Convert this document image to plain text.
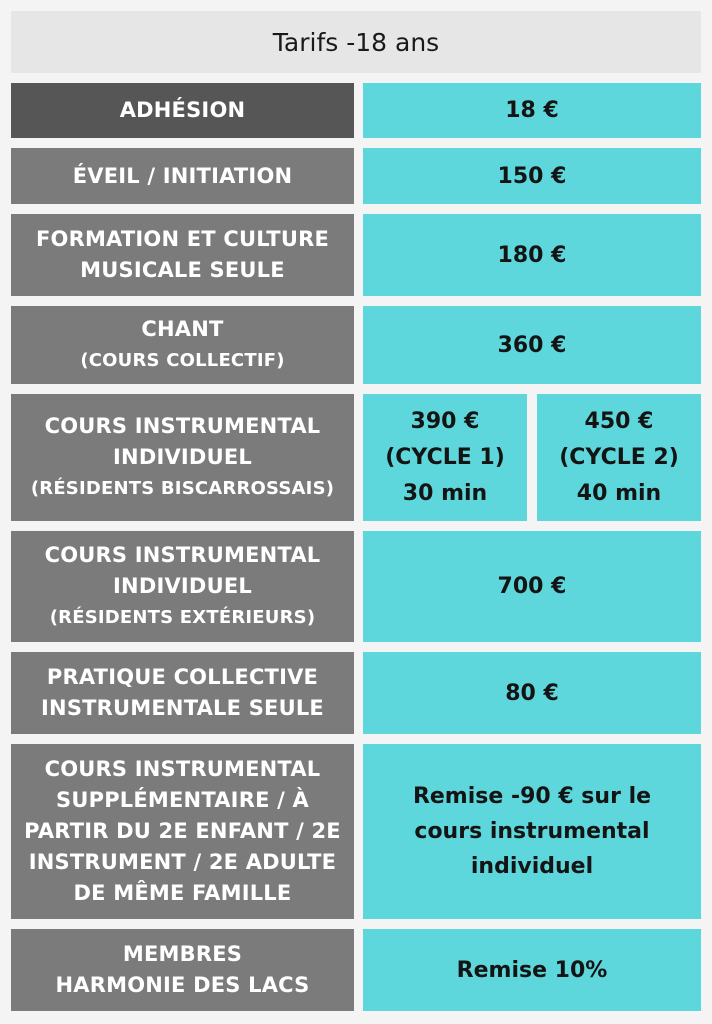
Tarifs -18 ans
ADHÉSION	18 €
ÉVEIL / INITIATION	150 €
FORMATION ET CULTURE
MUSICALE SEULE
180 €
CHANT
(COURS COLLECTIF)
360 €
COURS INSTRUMENTAL
INDIVIDUEL
(RÉSIDENTS BISCARROSSAIS)
390 €
(CYCLE 1)
30 min
450 €
(CYCLE 2)
40 min
COURS INSTRUMENTAL
INDIVIDUEL
(RÉSIDENTS EXTÉRIEURS)
700 €
PRATIQUE COLLECTIVE
INSTRUMENTALE SEULE
80 €
COURS INSTRUMENTAL
SUPPLÉMENTAIRE / À
PARTIR DU 2E ENFANT / 2E
INSTRUMENT / 2E ADULTE
DE MÊME FAMILLE
Remise -90 € sur le
cours instrumental
individuel
MEMBRES
HARMONIE DES LACS
Remise 10%
